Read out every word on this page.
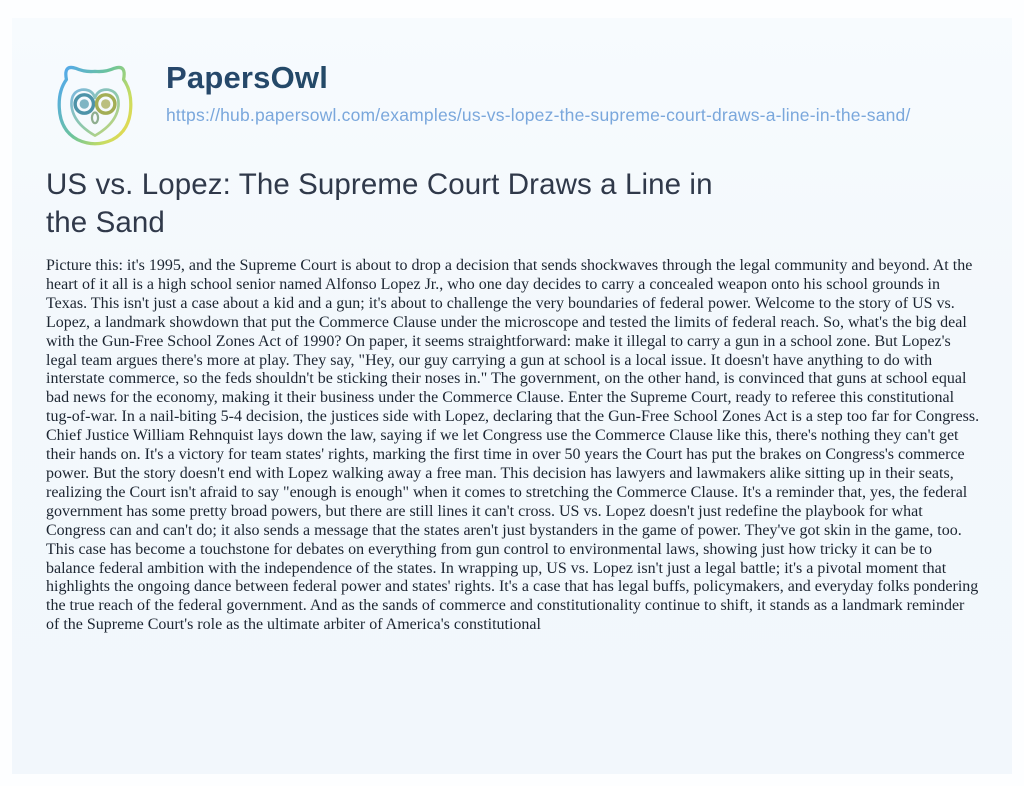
PapersOwl
https://hub.papersowl.com/examples/us-vs-lopez-the-supreme-court-draws-a-line-in-the-sand/
US vs. Lopez: The Supreme Court Draws a Line in the Sand
Picture this: it's 1995, and the Supreme Court is about to drop a decision that sends shockwaves through the legal community and beyond. At the heart of it all is a high school senior named Alfonso Lopez Jr., who one day decides to carry a concealed weapon onto his school grounds in Texas. This isn't just a case about a kid and a gun; it's about to challenge the very boundaries of federal power. Welcome to the story of US vs. Lopez, a landmark showdown that put the Commerce Clause under the microscope and tested the limits of federal reach. So, what's the big deal with the Gun-Free School Zones Act of 1990? On paper, it seems straightforward: make it illegal to carry a gun in a school zone. But Lopez's legal team argues there's more at play. They say, "Hey, our guy carrying a gun at school is a local issue. It doesn't have anything to do with interstate commerce, so the feds shouldn't be sticking their noses in." The government, on the other hand, is convinced that guns at school equal bad news for the economy, making it their business under the Commerce Clause. Enter the Supreme Court, ready to referee this constitutional tug-of-war. In a nail-biting 5-4 decision, the justices side with Lopez, declaring that the Gun-Free School Zones Act is a step too far for Congress. Chief Justice William Rehnquist lays down the law, saying if we let Congress use the Commerce Clause like this, there's nothing they can't get their hands on. It's a victory for team states' rights, marking the first time in over 50 years the Court has put the brakes on Congress's commerce power. But the story doesn't end with Lopez walking away a free man. This decision has lawyers and lawmakers alike sitting up in their seats, realizing the Court isn't afraid to say "enough is enough" when it comes to stretching the Commerce Clause. It's a reminder that, yes, the federal government has some pretty broad powers, but there are still lines it can't cross. US vs. Lopez doesn't just redefine the playbook for what Congress can and can't do; it also sends a message that the states aren't just bystanders in the game of power. They've got skin in the game, too. This case has become a touchstone for debates on everything from gun control to environmental laws, showing just how tricky it can be to balance federal ambition with the independence of the states. In wrapping up, US vs. Lopez isn't just a legal battle; it's a pivotal moment that highlights the ongoing dance between federal power and states' rights. It's a case that has legal buffs, policymakers, and everyday folks pondering the true reach of the federal government. And as the sands of commerce and constitutionality continue to shift, it stands as a landmark reminder of the Supreme Court's role as the ultimate arbiter of America's constitutional
